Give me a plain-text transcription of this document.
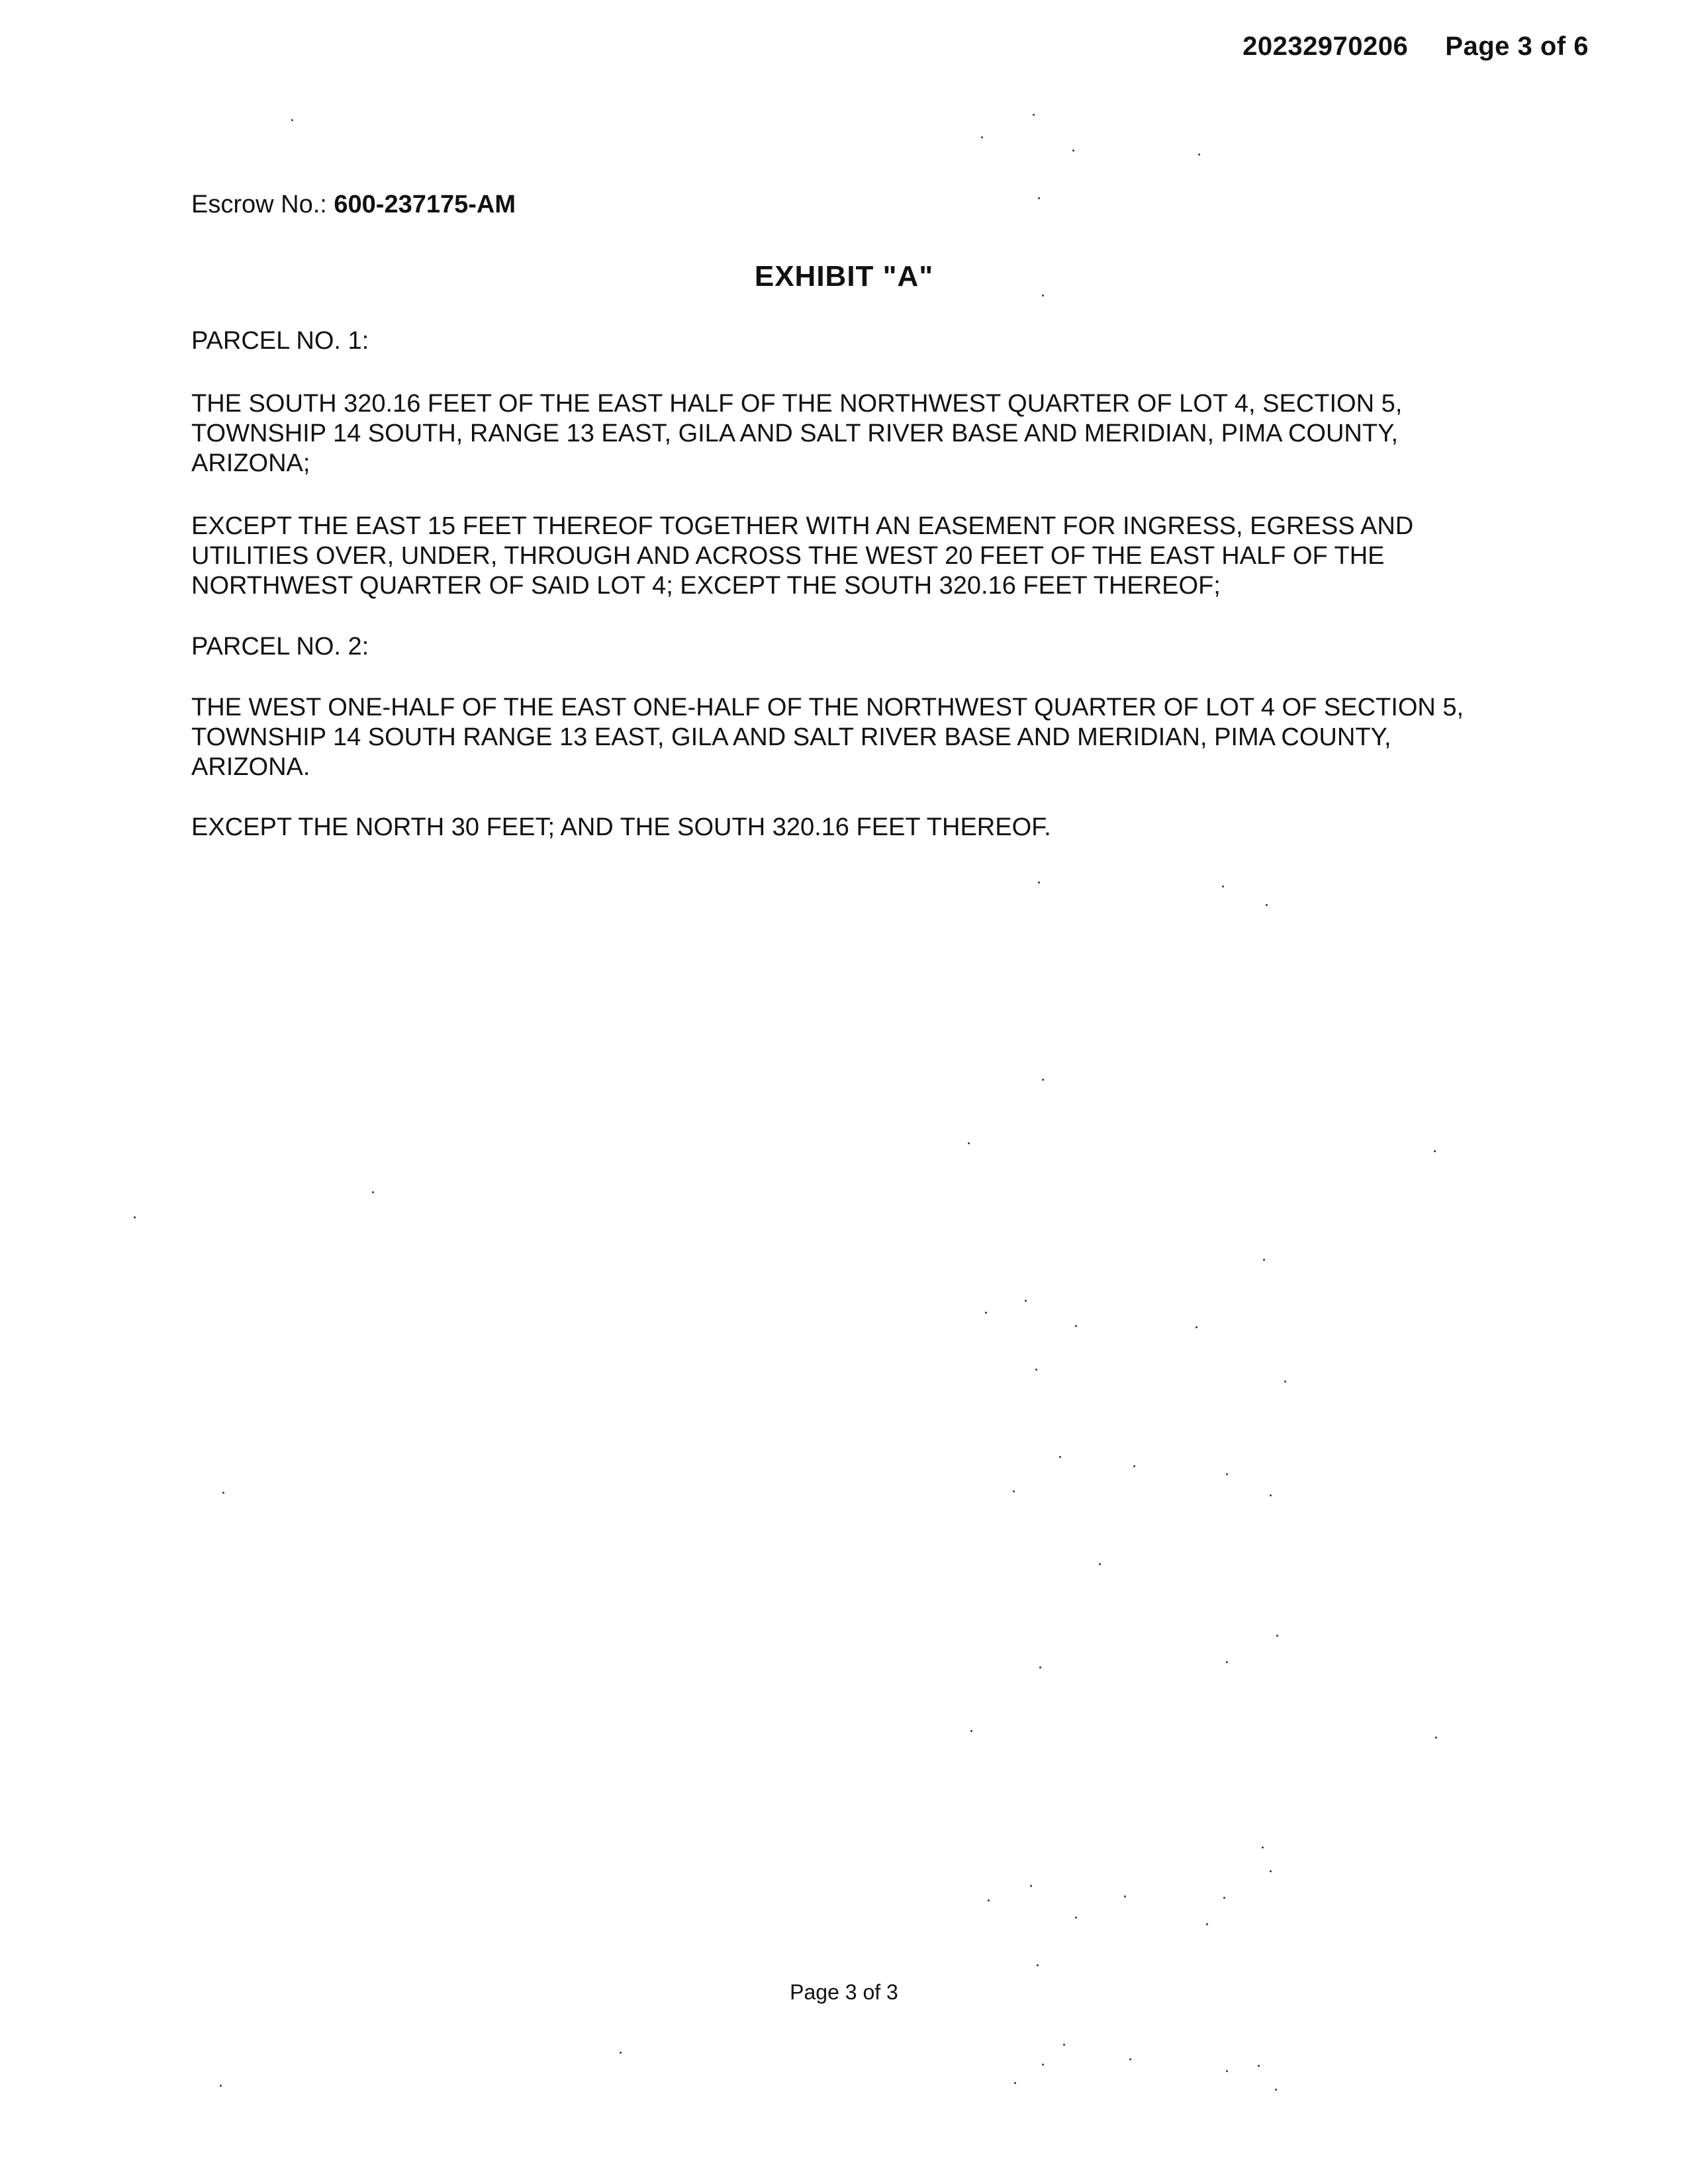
20232970206 Page 3 of 6
Escrow No.: 600-237175-AM
EXHIBIT "A"

PARCEL NO. 1:

THE SOUTH 320.16 FEET OF THE EAST HALF OF THE NORTHWEST QUARTER OF LOT 4, SECTION 5, TOWNSHIP 14 SOUTH, RANGE 13 EAST, GILA AND SALT RIVER BASE AND MERIDIAN, PIMA COUNTY, ARIZONA;

EXCEPT THE EAST 15 FEET THEREOF TOGETHER WITH AN EASEMENT FOR INGRESS, EGRESS AND UTILITIES OVER, UNDER, THROUGH AND ACROSS THE WEST 20 FEET OF THE EAST HALF OF THE NORTHWEST QUARTER OF SAID LOT 4; EXCEPT THE SOUTH 320.16 FEET THEREOF;

PARCEL NO. 2:

THE WEST ONE-HALF OF THE EAST ONE-HALF OF THE NORTHWEST QUARTER OF LOT 4 OF SECTION 5, TOWNSHIP 14 SOUTH RANGE 13 EAST, GILA AND SALT RIVER BASE AND MERIDIAN, PIMA COUNTY, ARIZONA.

EXCEPT THE NORTH 30 FEET; AND THE SOUTH 320.16 FEET THEREOF.

Page 3 of 3
